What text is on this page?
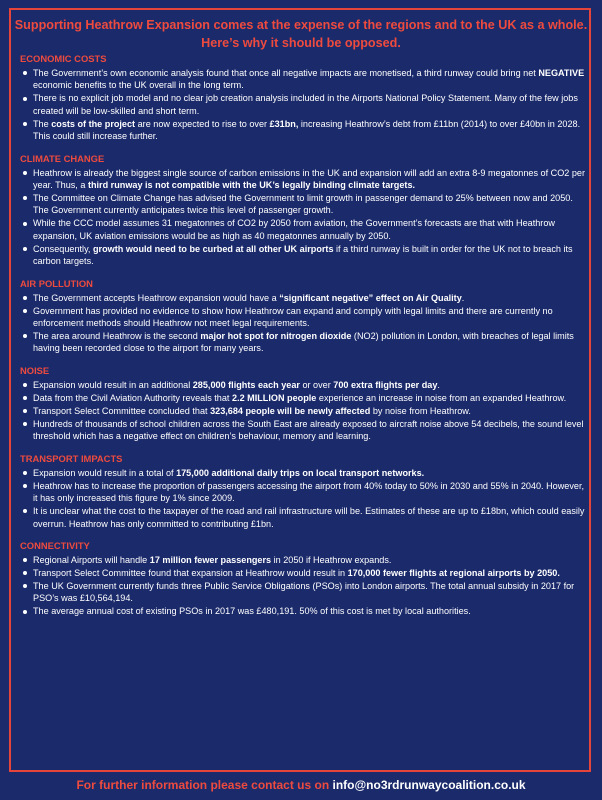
Supporting Heathrow Expansion comes at the expense of the regions and to the UK as a whole.
Here’s why it should be opposed.
ECONOMIC COSTS
The Government’s own economic analysis found that once all negative impacts are monetised, a third runway could bring net NEGATIVE economic benefits to the UK overall in the long term.
There is no explicit job model and no clear job creation analysis included in the Airports National Policy Statement. Many of the few jobs created will be low-skilled and short term.
The costs of the project are now expected to rise to over £31bn, increasing Heathrow’s debt from £11bn (2014) to over £40bn in 2028. This could still increase further.
CLIMATE CHANGE
Heathrow is already the biggest single source of carbon emissions in the UK and expansion will add an extra 8-9 megatonnes of CO2 per year. Thus, a third runway is not compatible with the UK’s legally binding climate targets.
The Committee on Climate Change has advised the Government to limit growth in passenger demand to 25% between now and 2050. The Government currently anticipates twice this level of passenger growth.
While the CCC model assumes 31 megatonnes of CO2 by 2050 from aviation, the Government’s forecasts are that with Heathrow expansion, UK aviation emissions would be as high as 40 megatonnes annually by 2050.
Consequently, growth would need to be curbed at all other UK airports if a third runway is built in order for the UK not to breach its carbon targets.
AIR POLLUTION
The Government accepts Heathrow expansion would have a “significant negative” effect on Air Quality.
Government has provided no evidence to show how Heathrow can expand and comply with legal limits and there are currently no enforcement methods should Heathrow not meet legal requirements.
The area around Heathrow is the second major hot spot for nitrogen dioxide (NO2) pollution in London, with breaches of legal limits having been recorded close to the airport for many years.
NOISE
Expansion would result in an additional 285,000 flights each year or over 700 extra flights per day.
Data from the Civil Aviation Authority reveals that 2.2 MILLION people experience an increase in noise from an expanded Heathrow.
Transport Select Committee concluded that 323,684 people will be newly affected by noise from Heathrow.
Hundreds of thousands of school children across the South East are already exposed to aircraft noise above 54 decibels, the sound level threshold which has a negative effect on children’s behaviour, memory and learning.
TRANSPORT IMPACTS
Expansion would result in a total of 175,000 additional daily trips on local transport networks.
Heathrow has to increase the proportion of passengers accessing the airport from 40% today to 50% in 2030 and 55% in 2040. However, it has only increased this figure by 1% since 2009.
It is unclear what the cost to the taxpayer of the road and rail infrastructure will be. Estimates of these are up to £18bn, which could easily overrun. Heathrow has only committed to contributing £1bn.
CONNECTIVITY
Regional Airports will handle 17 million fewer passengers in 2050 if Heathrow expands.
Transport Select Committee found that expansion at Heathrow would result in 170,000 fewer flights at regional airports by 2050.
The UK Government currently funds three Public Service Obligations (PSOs) into London airports. The total annual subsidy in 2017 for PSO’s was £10,564,194.
The average annual cost of existing PSOs in 2017 was £480,191. 50% of this cost is met by local authorities.
For further information please contact us on info@no3rdrunwaycoalition.co.uk
